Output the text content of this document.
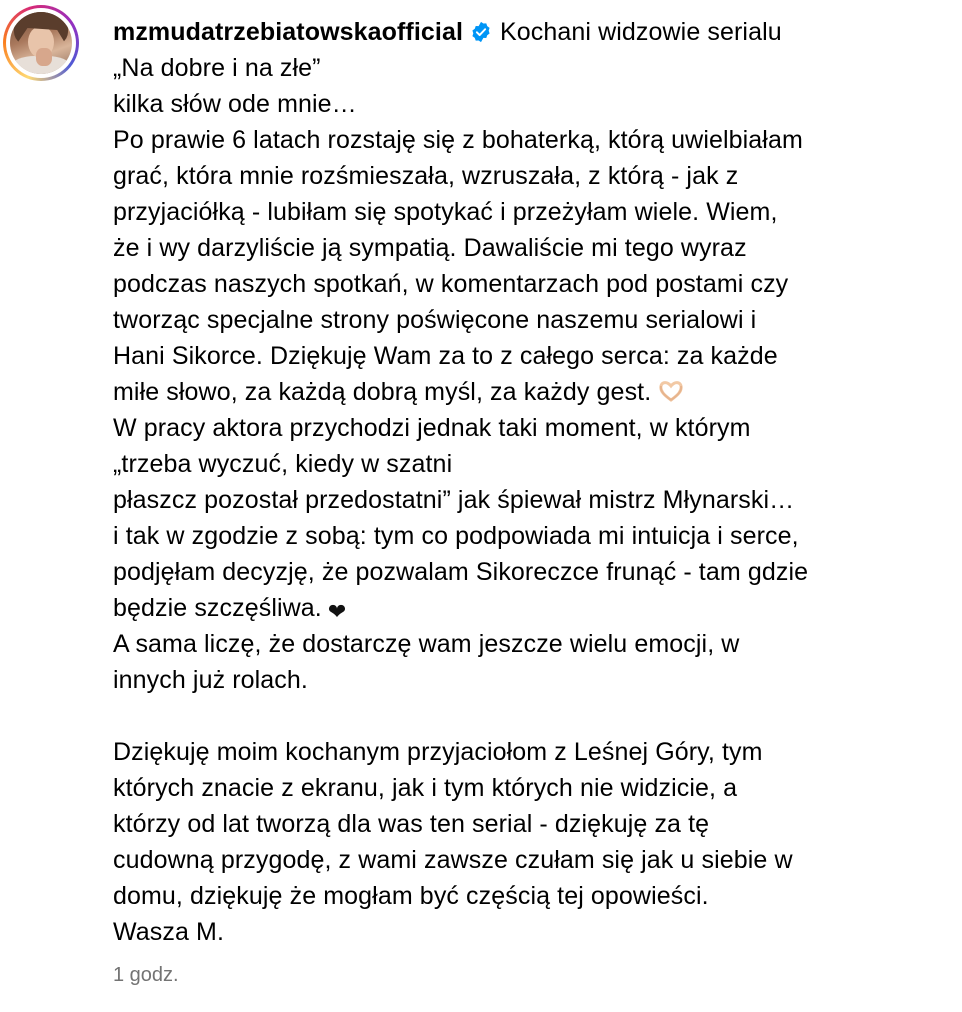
mzmudatrzebiatowskaofficial Kochani widzowie serialu
„Na dobre i na złe”
kilka słów ode mnie…
Po prawie 6 latach rozstaję się z bohaterką, którą uwielbiałam
grać, która mnie rozśmieszała, wzruszała, z którą - jak z
przyjaciółką - lubiłam się spotykać i przeżyłam wiele. Wiem,
że i wy darzyliście ją sympatią. Dawaliście mi tego wyraz
podczas naszych spotkań, w komentarzach pod postami czy
tworząc specjalne strony poświęcone naszemu serialowi i
Hani Sikorce. Dziękuję Wam za to z całego serca: za każde
miłe słowo, za każdą dobrą myśl, za każdy gest.
W pracy aktora przychodzi jednak taki moment, w którym
„trzeba wyczuć, kiedy w szatni
płaszcz pozostał przedostatni” jak śpiewał mistrz Młynarski…
i tak w zgodzie z sobą: tym co podpowiada mi intuicja i serce,
podjęłam decyzję, że pozwalam Sikoreczce frunąć - tam gdzie
będzie szczęśliwa. ❤
A sama liczę, że dostarczę wam jeszcze wielu emocji, w
innych już rolach.
Dziękuję moim kochanym przyjaciołom z Leśnej Góry, tym
których znacie z ekranu, jak i tym których nie widzicie, a
którzy od lat tworzą dla was ten serial - dziękuję za tę
cudowną przygodę, z wami zawsze czułam się jak u siebie w
domu, dziękuję że mogłam być częścią tej opowieści.
Wasza M.
1 godz.
